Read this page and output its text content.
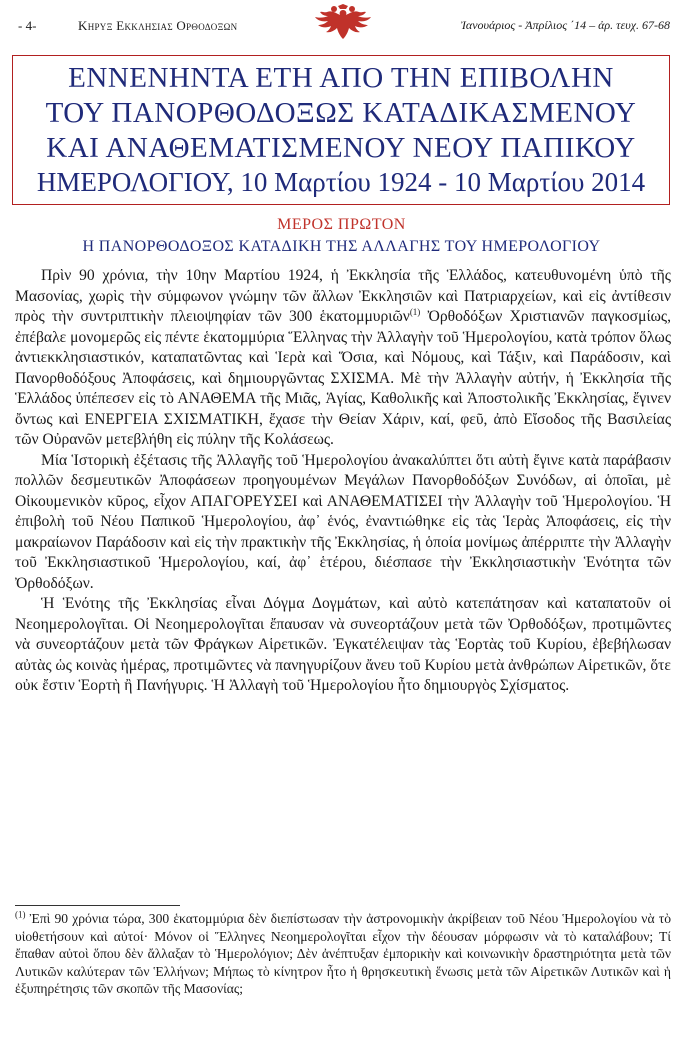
- 4-	Κηρυξ Εκκλησιας Ορθοδοξων	Ἰανουάριος - Ἀπρίλιος ΄14 – ἀρ. τευχ. 67-68
ΕΝΝΕΝΗΝΤΑ ΕΤΗ ΑΠΟ ΤΗΝ ΕΠΙΒΟΛΗΝ
ΤΟΥ ΠΑΝΟΡΘΟΔΟΞΩΣ ΚΑΤΑΔΙΚΑΣΜΕΝΟΥ
ΚΑΙ ΑΝΑΘΕΜΑΤΙΣΜΕΝΟΥ ΝΕΟΥ ΠΑΠΙΚΟΥ
ΗΜΕΡΟΛΟΓΙΟΥ, 10 Μαρτίου 1924 - 10 Μαρτίου 2014
ΜΕΡΟΣ ΠΡΩΤΟΝ
Η ΠΑΝΟΡΘΟΔΟΞΟΣ ΚΑΤΑΔΙΚΗ ΤΗΣ ΑΛΛΑΓΗΣ ΤΟΥ ΗΜΕΡΟΛΟΓΙΟΥ

Πρὶν 90 χρόνια, τὴν 10ην Μαρτίου 1924, ἡ Ἐκκλησία τῆς Ἑλλάδος, κατευθυνομένη ὑπὸ τῆς Μασονίας, χωρὶς τὴν σύμφωνον γνώμην τῶν ἄλλων Ἐκκλησιῶν καὶ Πατριαρχείων, καὶ εἰς ἀντίθεσιν πρὸς τὴν συντριπτικὴν πλειοψηφίαν τῶν 300 ἑκατομμυριῶν$^{(1)}$ Ὀρθοδόξων Χριστιανῶν παγκοσμίως, ἐπέβαλε μονομερῶς εἰς πέντε ἑκατομμύρια Ἕλληνας τὴν Ἀλλαγὴν τοῦ Ἡμερολογίου, κατὰ τρόπον ὅλως ἀντιεκκλησιαστικόν, καταπατῶντας καὶ Ἱερὰ καὶ Ὅσια, καὶ Νόμους, καὶ Τάξιν, καὶ Παράδοσιν, καὶ Πανορθοδόξους Ἀποφάσεις, καὶ δημιουργῶντας ΣΧΙΣΜΑ. Μὲ τὴν Ἀλλαγὴν αὐτήν, ἡ Ἐκκλησία τῆς Ἑλλάδος ὑπέπεσεν εἰς τὸ ΑΝΑΘΕΜΑ τῆς Μιᾶς, Ἁγίας, Καθολικῆς καὶ Ἀποστολικῆς Ἐκκλησίας, ἔγινεν ὄντως καὶ ΕΝΕΡΓΕΙΑ ΣΧΙΣΜΑΤΙΚΗ, ἔχασε τὴν Θείαν Χάριν, καί, φεῦ, ἀπὸ Εἴσοδος τῆς Βασιλείας τῶν Οὐρανῶν μετεβλήθη εἰς πύλην τῆς Κολάσεως.

Μία Ἱστορικὴ ἐξέτασις τῆς Ἀλλαγῆς τοῦ Ἡμερολογίου ἀνακαλύπτει ὅτι αὐτὴ ἔγινε κατὰ παράβασιν πολλῶν δεσμευτικῶν Ἀποφάσεων προηγουμένων Μεγάλων Πανορθοδόξων Συνόδων, αἱ ὁποῖαι, μὲ Οἰκουμενικὸν κῦρος, εἶχον ΑΠΑΓΟΡΕΥΣΕΙ καὶ ΑΝΑΘΕΜΑΤΙΣΕΙ τὴν Ἀλλαγὴν τοῦ Ἡμερολογίου. Ἡ ἐπιβολὴ τοῦ Νέου Παπικοῦ Ἡμερολογίου, ἀφ᾽ ἑνός, ἐναντιώθηκε εἰς τὰς Ἱερὰς Ἀποφάσεις, εἰς τὴν μακραίωνον Παράδοσιν καὶ εἰς τὴν πρακτικὴν τῆς Ἐκκλησίας, ἡ ὁποία μονίμως ἀπέρριπτε τὴν Ἀλλαγὴν τοῦ Ἐκκλησιαστικοῦ Ἡμερολογίου, καί, ἀφ᾽ ἑτέρου, διέσπασε τὴν Ἐκκλησιαστικὴν Ἑνότητα τῶν Ὀρθοδόξων.

Ἡ Ἑνότης τῆς Ἐκκλησίας εἶναι Δόγμα Δογμάτων, καὶ αὐτὸ κατεπάτησαν καὶ καταπατοῦν οἱ Νεοημερολογῖται. Οἱ Νεοημερολογῖται ἔπαυσαν νὰ συνεορτάζουν μετὰ τῶν Ὀρθοδόξων, προτιμῶντες νὰ συνεορτάζουν μετὰ τῶν Φράγκων Αἱρετικῶν. Ἐγκατέλειψαν τὰς Ἑορτὰς τοῦ Κυρίου, ἐβεβήλωσαν αὐτὰς ὡς κοινὰς ἡμέρας, προτιμῶντες νὰ πανηγυρίζουν ἄνευ τοῦ Κυρίου μετὰ ἀνθρώπων Αἱρετικῶν, ὅτε οὐκ ἔστιν Ἑορτὴ ἢ Πανήγυρις. Ἡ Ἀλλαγὴ τοῦ Ἡμερολογίου ἦτο δημιουργὸς Σχίσματος.

$^{(1)}$ Ἐπὶ 90 χρόνια τώρα, 300 ἑκατομμύρια δὲν διεπίστωσαν τὴν ἀστρονομικὴν ἀκρίβειαν τοῦ Νέου Ἡμερολογίου νὰ τὸ υἱοθετήσουν καὶ αὐτοί· Μόνον οἱ Ἕλληνες Νεοημερολογῖται εἶχον τὴν δέουσαν μόρφωσιν νὰ τὸ καταλάβουν; Τί ἔπαθαν αὐτοὶ ὅπου δὲν ἄλλαξαν τὸ Ἡμερολόγιον; Δὲν ἀνέπτυξαν ἐμπορικὴν καὶ κοινωνικὴν δραστηριότητα μετὰ τῶν Λυτικῶν καλύτεραν τῶν Ἑλλήνων; Μήπως τὸ κίνητρον ἦτο ἡ θρησκευτικὴ ἕνωσις μετὰ τῶν Αἱρετικῶν Λυτικῶν καὶ ἡ ἐξυπηρέτησις τῶν σκοπῶν τῆς Μασονίας;
